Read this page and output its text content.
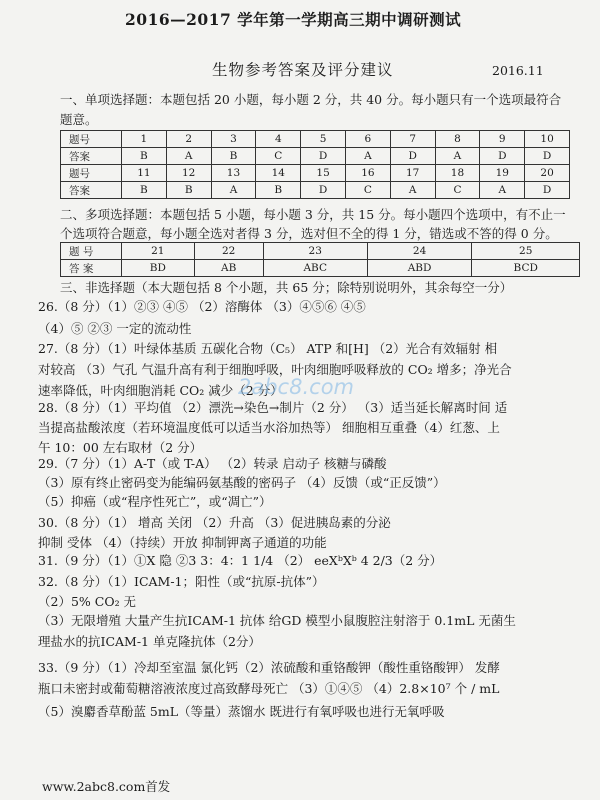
2016—2017 学年第一学期高三期中调研测试
生物参考答案及评分建议	2016.11
一、单项选择题：本题包括 20 小题，每小题 2 分，共 40 分。每小题只有一个选项最符合
题意。
题号	1	2	3	4	5	6	7	8	9	10
答案	B	A	B	C	D	A	D	A	D	D
题号	11	12	13	14	15	16	17	18	19	20
答案	B	B	A	B	D	C	A	C	A	D
二、多项选择题：本题包括 5 小题，每小题 3 分，共 15 分。每小题四个选项中，有不止一
个选项符合题意，每小题全选对者得 3 分，选对但不全的得 1 分，错选或不答的得 0 分。
题 号	21	22	23	24	25
答 案	BD	AB	ABC	ABD	BCD
三、非选择题（本大题包括 8 个小题，共 65 分；除特别说明外，其余每空一分）
26.（8 分）（1）②③ ④⑤ （2）溶酶体 （3）④⑤⑥ ④⑤
（4）⑤ ②③ 一定的流动性
27.（8 分）（1）叶绿体基质 五碳化合物（C₅） ATP 和[H] （2）光合有效辐射 相
对较高 （3）气孔 气温升高有利于细胞呼吸，叶肉细胞呼吸释放的 CO₂ 增多；净光合
速率降低，叶肉细胞消耗 CO₂ 减少（2 分）
28.（8 分）（1）平均值 （2）漂洗→染色→制片（2 分） （3）适当延长解离时间 适
当提高盐酸浓度（若环境温度低可以适当水浴加热等） 细胞相互重叠（4）红葱、上
午 10：00 左右取材（2 分）
29.（7 分）（1）A-T（或 T-A） （2）转录 启动子 核糖与磷酸
（3）原有终止密码变为能编码氨基酸的密码子 （4）反馈（或“正反馈”）
（5）抑癌（或“程序性死亡”，或“凋亡”）
30.（8 分）（1） 增高 关闭 （2）升高 （3）促进胰岛素的分泌
抑制 受体 （4）（持续）开放 抑制钾离子通道的功能
31.（9 分）（1）①X 隐 ②3 3：4：1 1/4 （2） eeXᵇXᵇ 4 2/3（2 分）
32.（8 分）（1）ICAM-1；阳性（或“抗原-抗体”）
（2）5% CO₂ 无
（3）无限增殖 大量产生抗ICAM-1 抗体 给GD 模型小鼠腹腔注射溶于 0.1mL 无菌生
理盐水的抗ICAM-1 单克隆抗体（2分）
33.（9 分）（1）冷却至室温 氯化钙（2）浓硫酸和重铬酸钾（酸性重铬酸钾） 发酵
瓶口未密封或葡萄糖溶液浓度过高致酵母死亡 （3）①④⑤ （4）2.8×10⁷ 个 / mL
（5）溴麝香草酚蓝 5mL（等量）蒸馏水 既进行有氧呼吸也进行无氧呼吸
2abc8.com
www.2abc8.com首发
